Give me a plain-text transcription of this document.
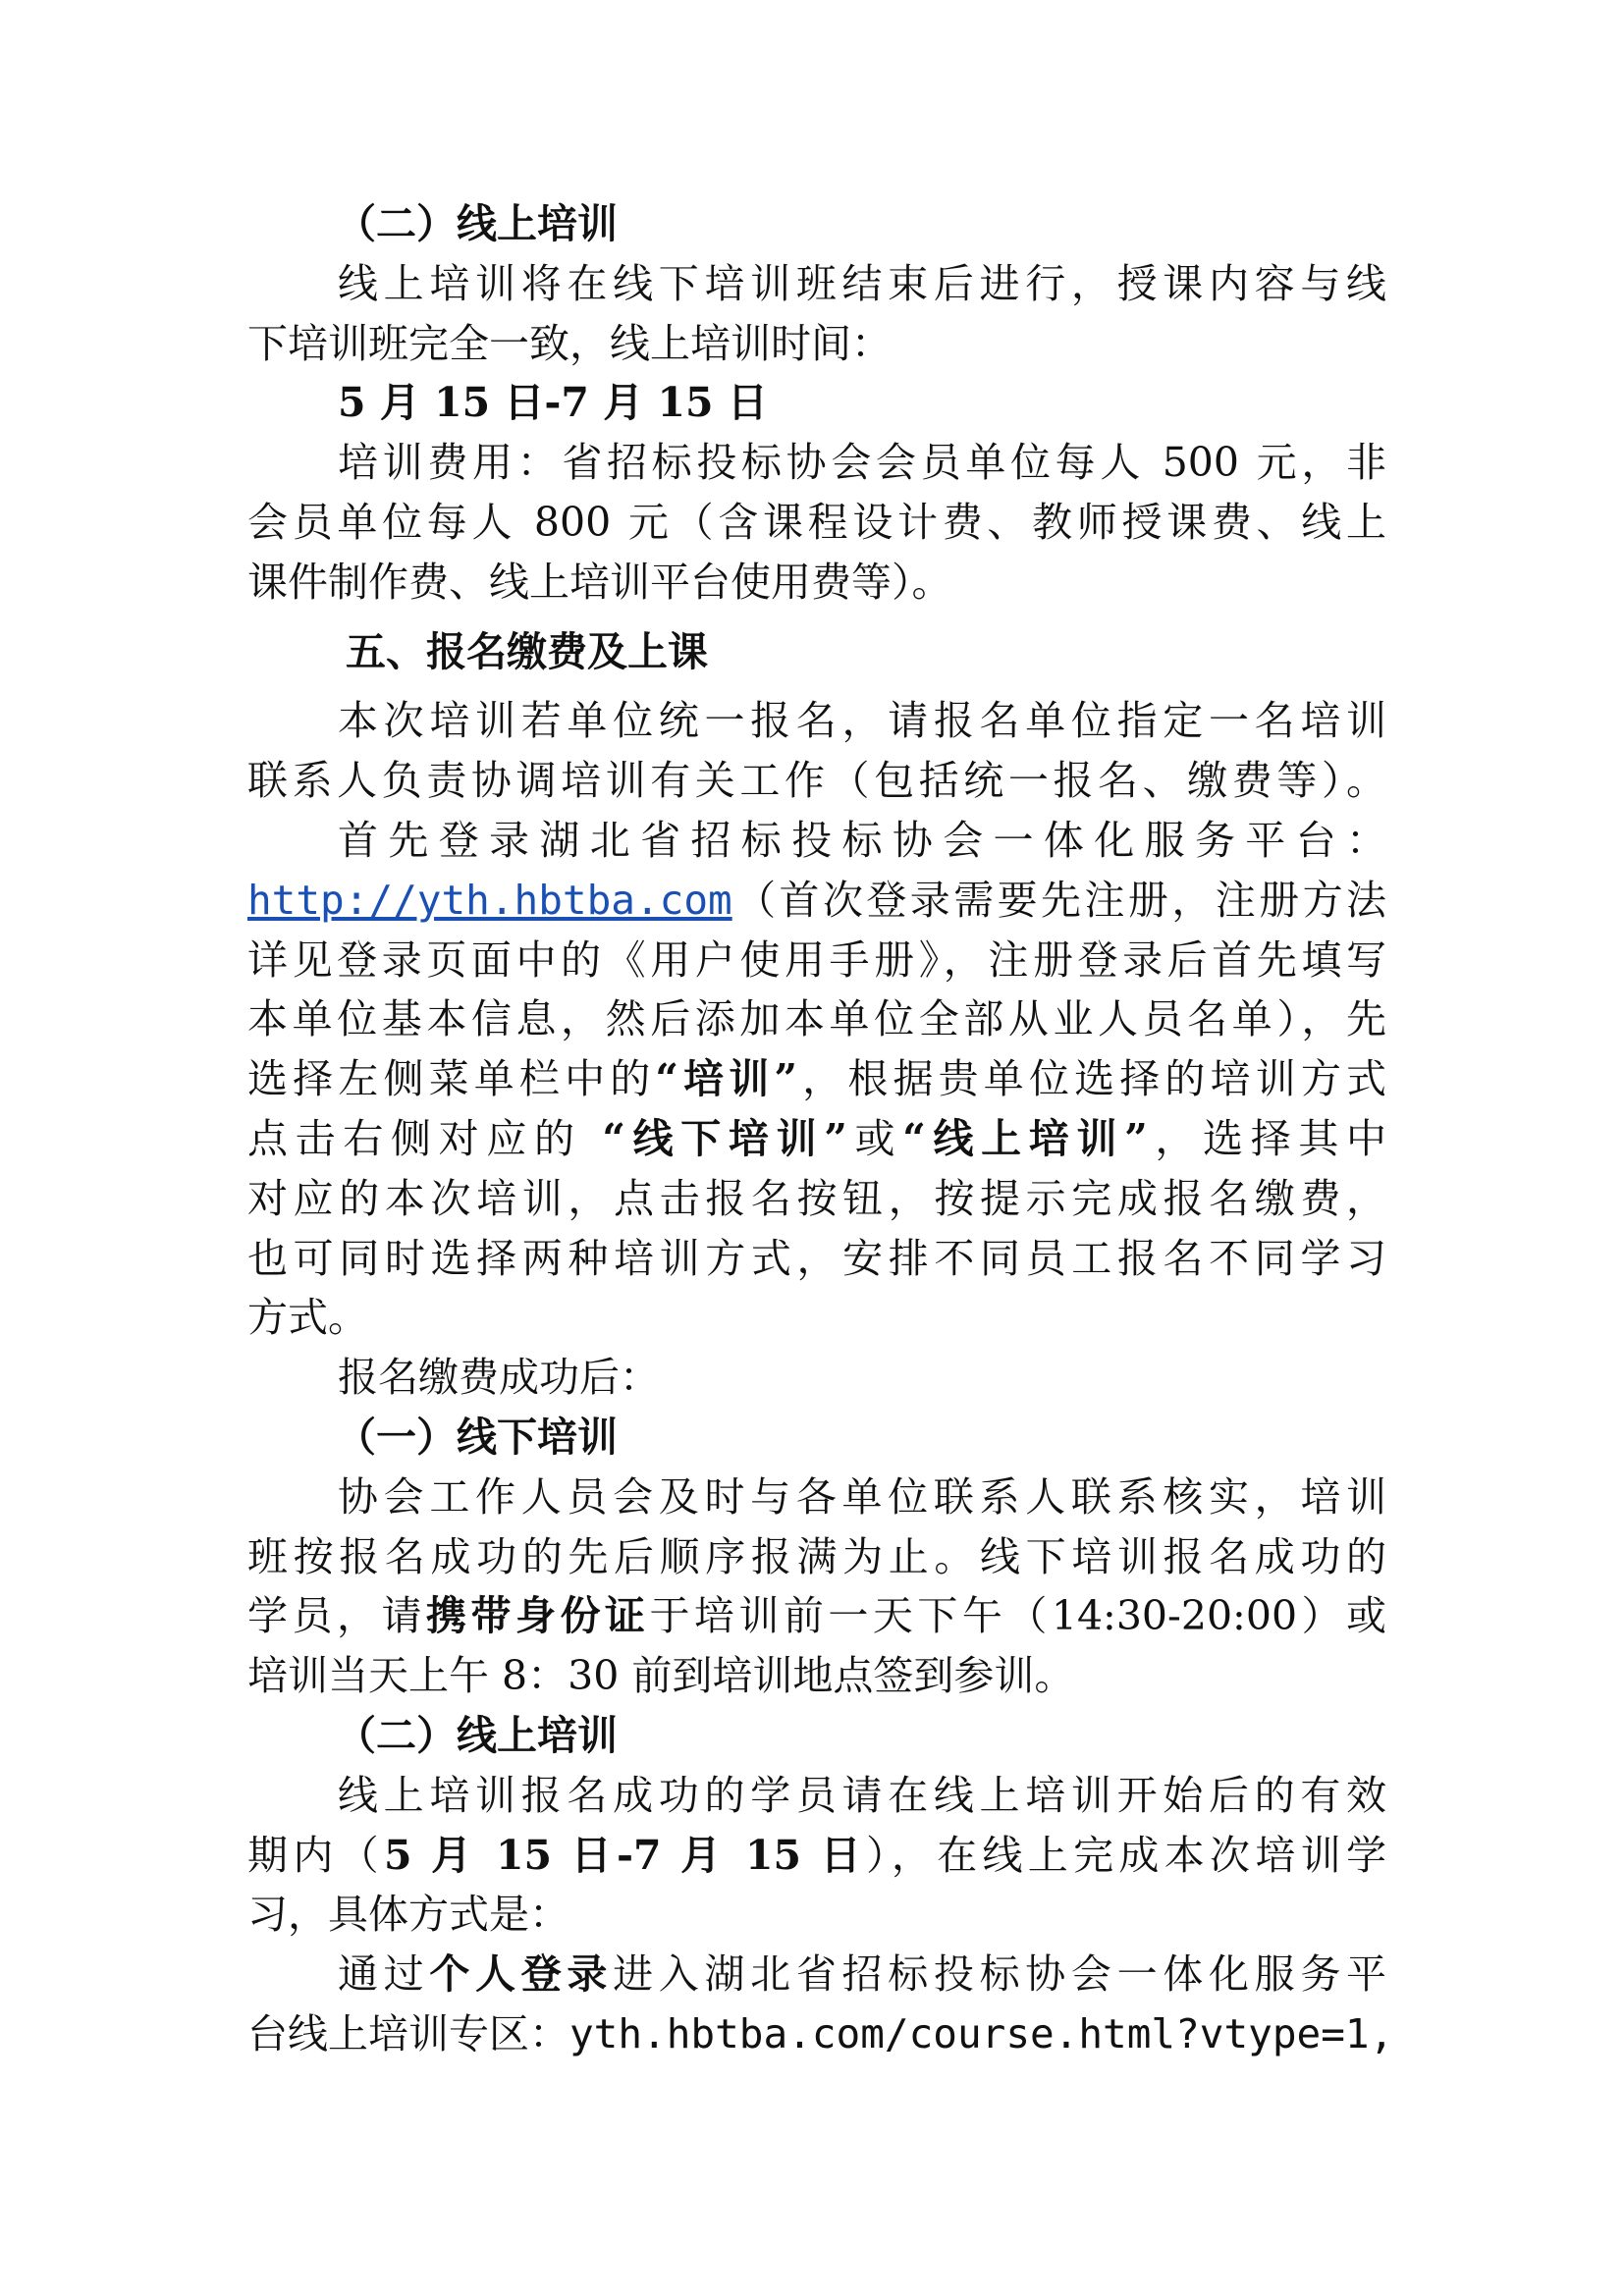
（二）线上培训
线上培训将在线下培训班结束后进行，授课内容与线
下培训班完全一致，线上培训时间：
5 月 15 日-7 月 15 日
培训费用：省招标投标协会会员单位每人 500 元，非
会员单位每人 800 元（含课程设计费、教师授课费、线上
课件制作费、线上培训平台使用费等）。
五、报名缴费及上课
本次培训若单位统一报名，请报名单位指定一名培训
联系人负责协调培训有关工作（包括统一报名、缴费等）。
首先登录湖北省招标投标协会一体化服务平台：
http://yth.hbtba.com（首次登录需要先注册，注册方法
详见登录页面中的《用户使用手册》，注册登录后首先填写
本单位基本信息，然后添加本单位全部从业人员名单），先
选择左侧菜单栏中的“培训”，根据贵单位选择的培训方式
点击右侧对应的 “线下培训”或“线上培训”，选择其中
对应的本次培训，点击报名按钮，按提示完成报名缴费，
也可同时选择两种培训方式，安排不同员工报名不同学习
方式。
报名缴费成功后：
（一）线下培训
协会工作人员会及时与各单位联系人联系核实，培训
班按报名成功的先后顺序报满为止。线下培训报名成功的
学员，请携带身份证于培训前一天下午（14:30-20:00）或
培训当天上午 8：30 前到培训地点签到参训。
（二）线上培训
线上培训报名成功的学员请在线上培训开始后的有效
期内（5 月 15 日-7 月 15 日），在线上完成本次培训学
习，具体方式是：
通过个人登录进入湖北省招标投标协会一体化服务平
台线上培训专区：yth.hbtba.com/course.html?vtype=1,
